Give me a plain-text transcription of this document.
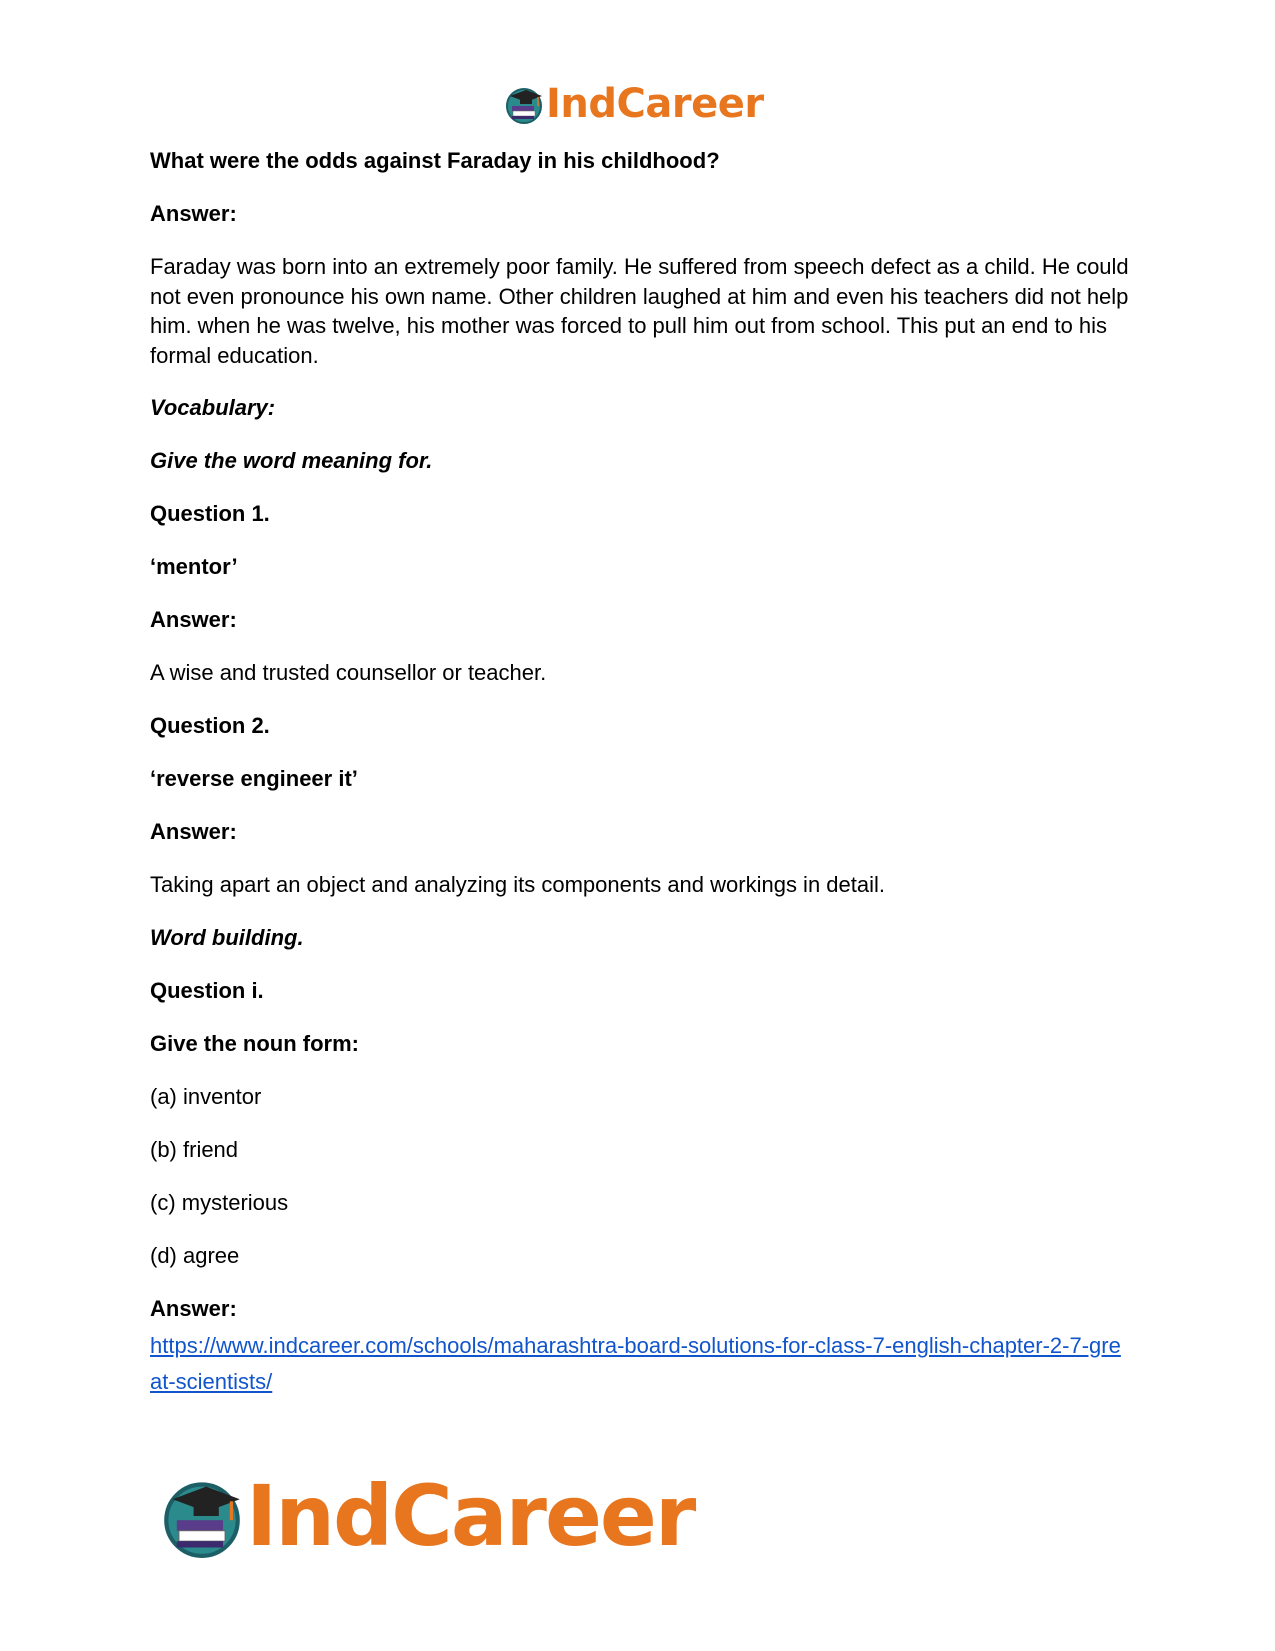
IndCareer

What were the odds against Faraday in his childhood?

Answer:

Faraday was born into an extremely poor family. He suffered from speech defect as a child. He could not even pronounce his own name. Other children laughed at him and even his teachers did not help him. when he was twelve, his mother was forced to pull him out from school. This put an end to his formal education.

Vocabulary:

Give the word meaning for.

Question 1.

‘mentor’

Answer:

A wise and trusted counsellor or teacher.

Question 2.

‘reverse engineer it’

Answer:

Taking apart an object and analyzing its components and workings in detail.

Word building.

Question i.

Give the noun form:

(a) inventor

(b) friend

(c) mysterious

(d) agree

Answer:

https://www.indcareer.com/schools/maharashtra-board-solutions-for-class-7-english-chapter-2-7-great-scientists/
IndCareer
